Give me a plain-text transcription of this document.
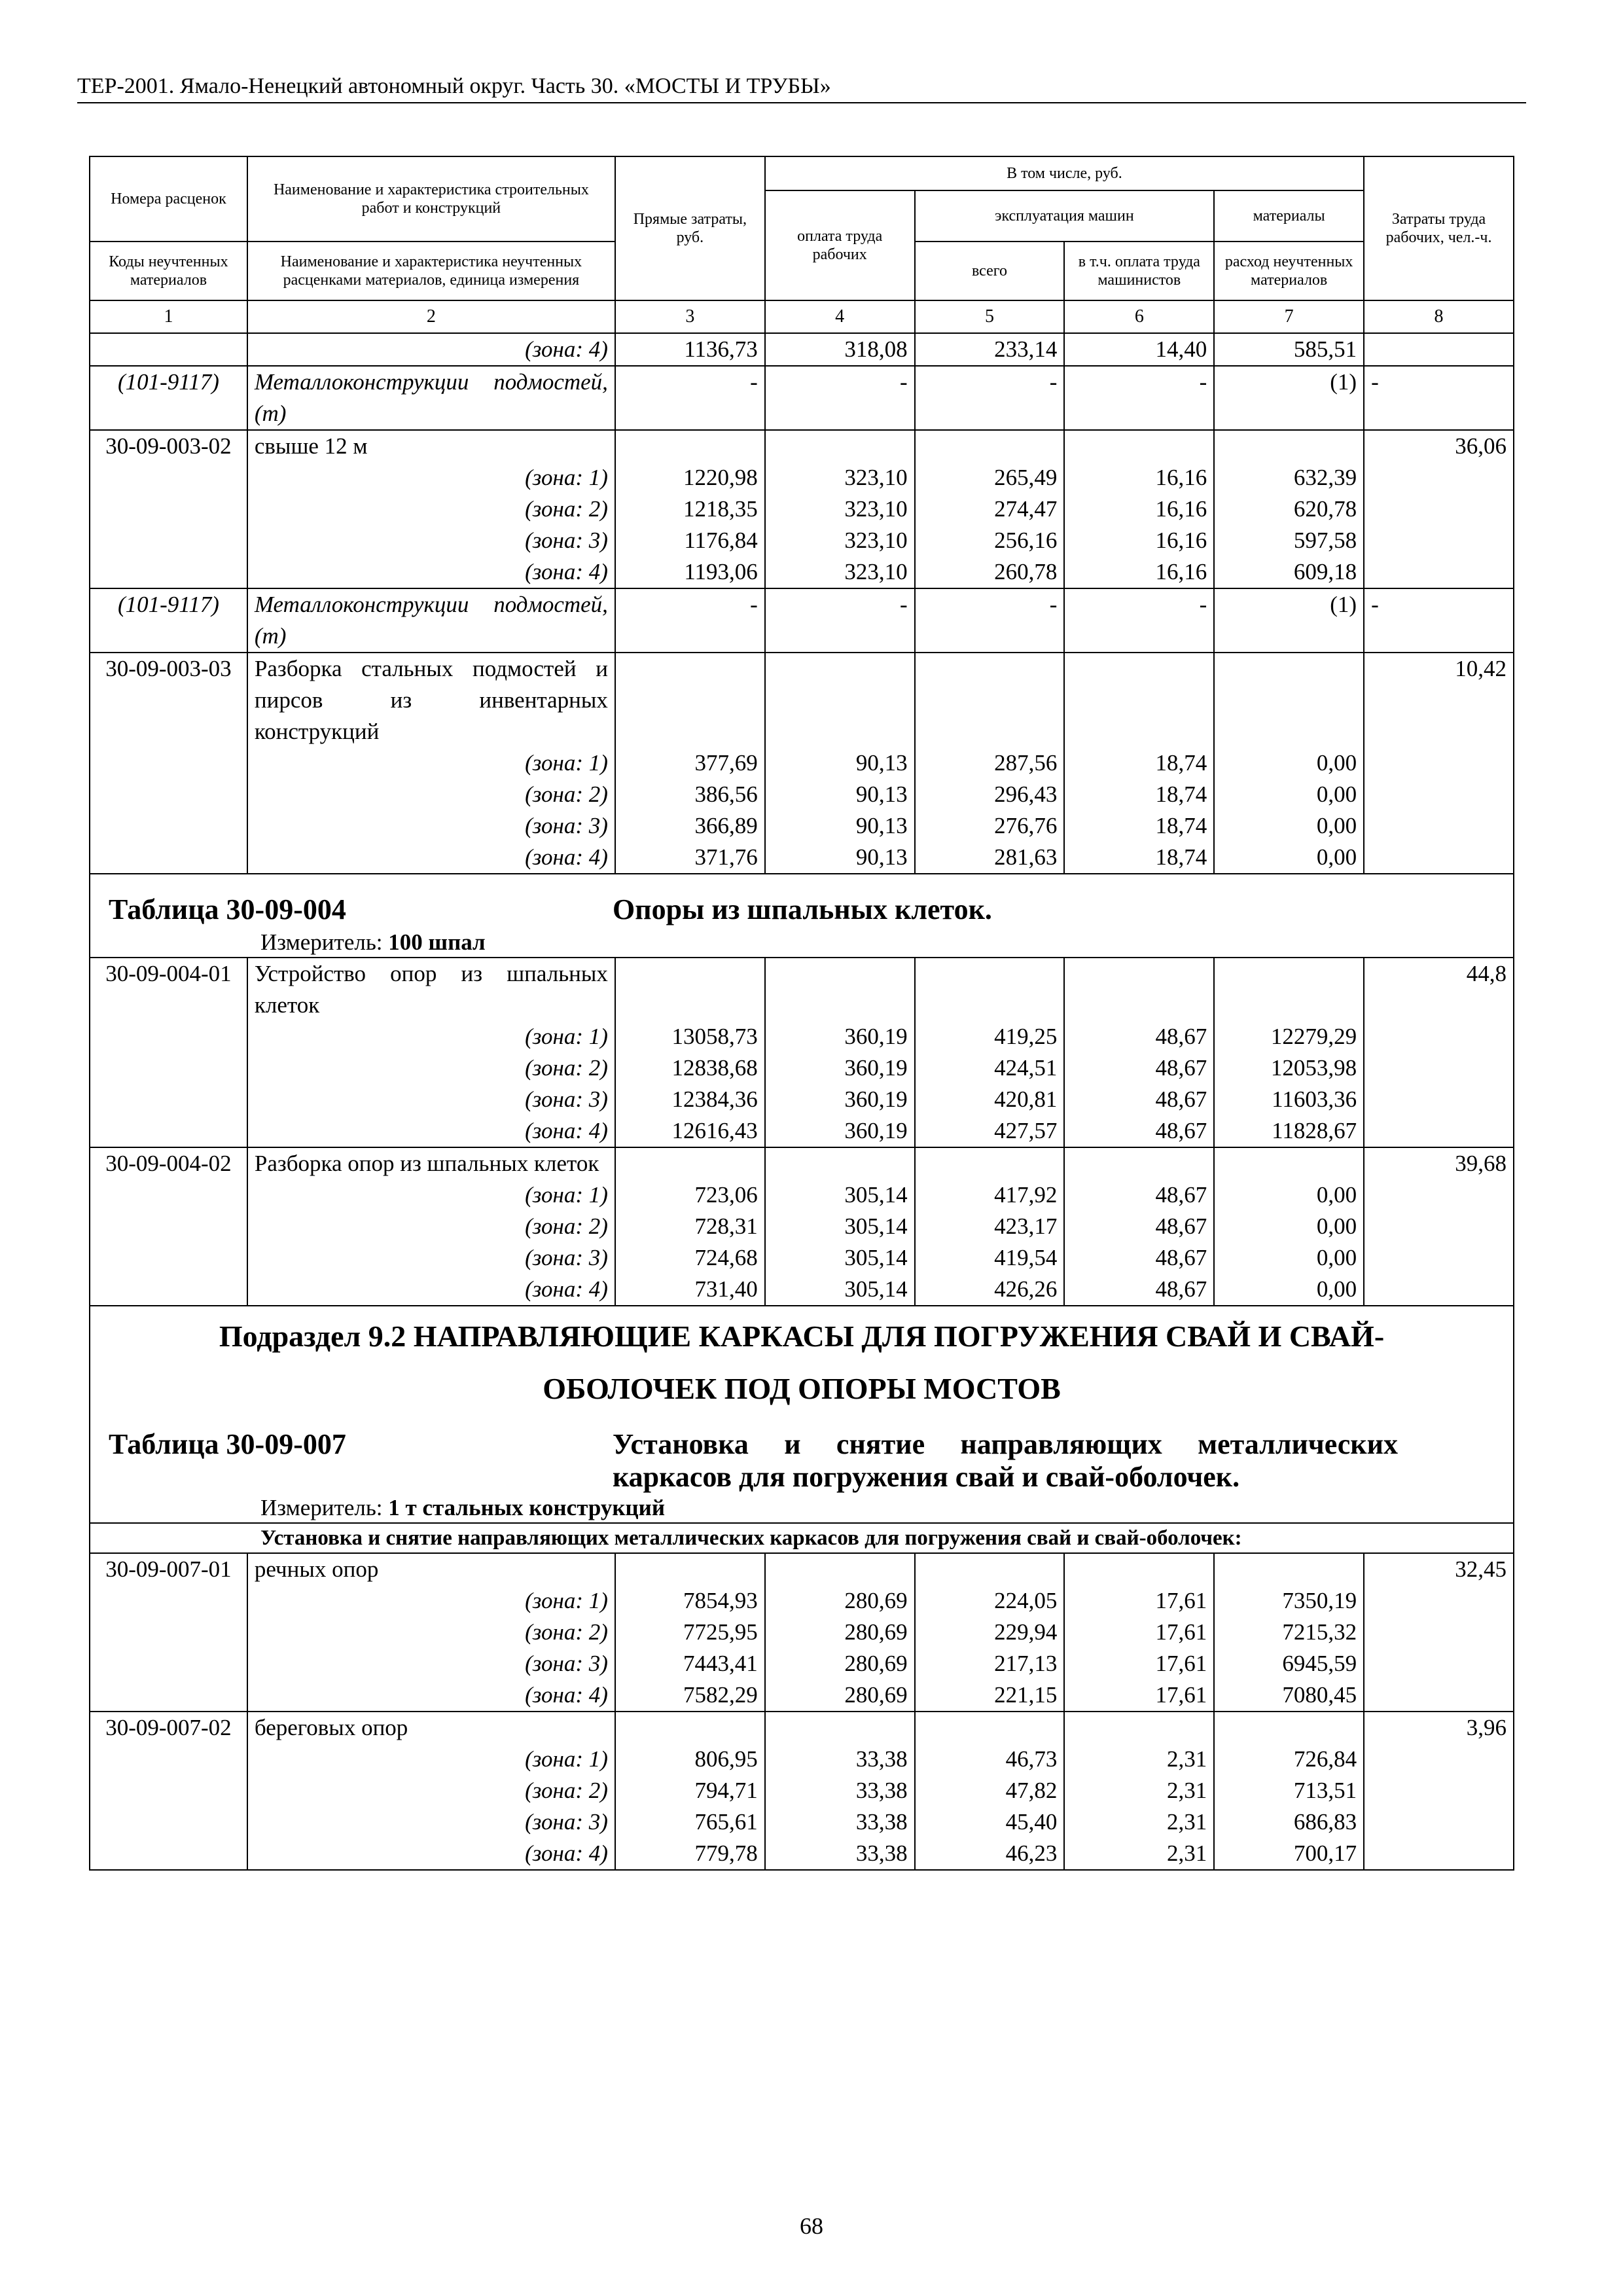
ТЕР-2001. Ямало-Ненецкий автономный округ. Часть 30. «МОСТЫ И ТРУБЫ»
Номера расценок	Наименование и характеристика строительных работ и конструкций	Прямые затраты, руб.	В том числе, руб.				Затраты труда рабочих, чел.-ч.
			оплата труда рабочих	эксплуатация машин		материалы	
Коды неучтенных материалов	Наименование и характеристика неучтенных расценками материалов, единица измерения			всего	в т.ч. оплата труда машинистов	расход неучтенных материалов	
1	2	3	4	5	6	7	8
	(зона: 4)	1136,73	318,08	233,14	14,40	585,51	
(101-9117)	Металлоконструкции подмостей, (т)	-	-	-	-	(1)	-
30-09-003-02	свыше 12 м						36,06
	(зона: 1)	1220,98	323,10	265,49	16,16	632,39	
	(зона: 2)	1218,35	323,10	274,47	16,16	620,78	
	(зона: 3)	1176,84	323,10	256,16	16,16	597,58	
	(зона: 4)	1193,06	323,10	260,78	16,16	609,18	
(101-9117)	Металлоконструкции подмостей, (т)	-	-	-	-	(1)	-
30-09-003-03	Разборка стальных подмостей и пирсов из инвентарных конструкций						10,42
	(зона: 1)	377,69	90,13	287,56	18,74	0,00	
	(зона: 2)	386,56	90,13	296,43	18,74	0,00	
	(зона: 3)	366,89	90,13	276,76	18,74	0,00	
	(зона: 4)	371,76	90,13	281,63	18,74	0,00	

Таблица 30-09-004 Опоры из шпальных клеток.
Измеритель: 100 шпал							

30-09-004-01	Устройство опор из шпальных клеток						44,8
	(зона: 1)	13058,73	360,19	419,25	48,67	12279,29	
	(зона: 2)	12838,68	360,19	424,51	48,67	12053,98	
	(зона: 3)	12384,36	360,19	420,81	48,67	11603,36	
	(зона: 4)	12616,43	360,19	427,57	48,67	11828,67	
30-09-004-02	Разборка опор из шпальных клеток						39,68
	(зона: 1)	723,06	305,14	417,92	48,67	0,00	
	(зона: 2)	728,31	305,14	423,17	48,67	0,00	
	(зона: 3)	724,68	305,14	419,54	48,67	0,00	
	(зона: 4)	731,40	305,14	426,26	48,67	0,00	

Подраздел 9.2 НАПРАВЛЯЮЩИЕ КАРКАСЫ ДЛЯ ПОГРУЖЕНИЯ СВАЙ И СВАЙ-ОБОЛОЧЕК ПОД ОПОРЫ МОСТОВ
Таблица 30-09-007 Установка и снятие направляющих металлических каркасов для погружения свай и свай-оболочек.
Измеритель: 1 т стальных конструкций							

Установка и снятие направляющих металлических каркасов для погружения свай и свай-оболочек:							

30-09-007-01	речных опор						32,45
	(зона: 1)	7854,93	280,69	224,05	17,61	7350,19	
	(зона: 2)	7725,95	280,69	229,94	17,61	7215,32	
	(зона: 3)	7443,41	280,69	217,13	17,61	6945,59	
	(зона: 4)	7582,29	280,69	221,15	17,61	7080,45	
30-09-007-02	береговых опор						3,96
	(зона: 1)	806,95	33,38	46,73	2,31	726,84	
	(зона: 2)	794,71	33,38	47,82	2,31	713,51	
	(зона: 3)	765,61	33,38	45,40	2,31	686,83	
	(зона: 4)	779,78	33,38	46,23	2,31	700,17	
68
